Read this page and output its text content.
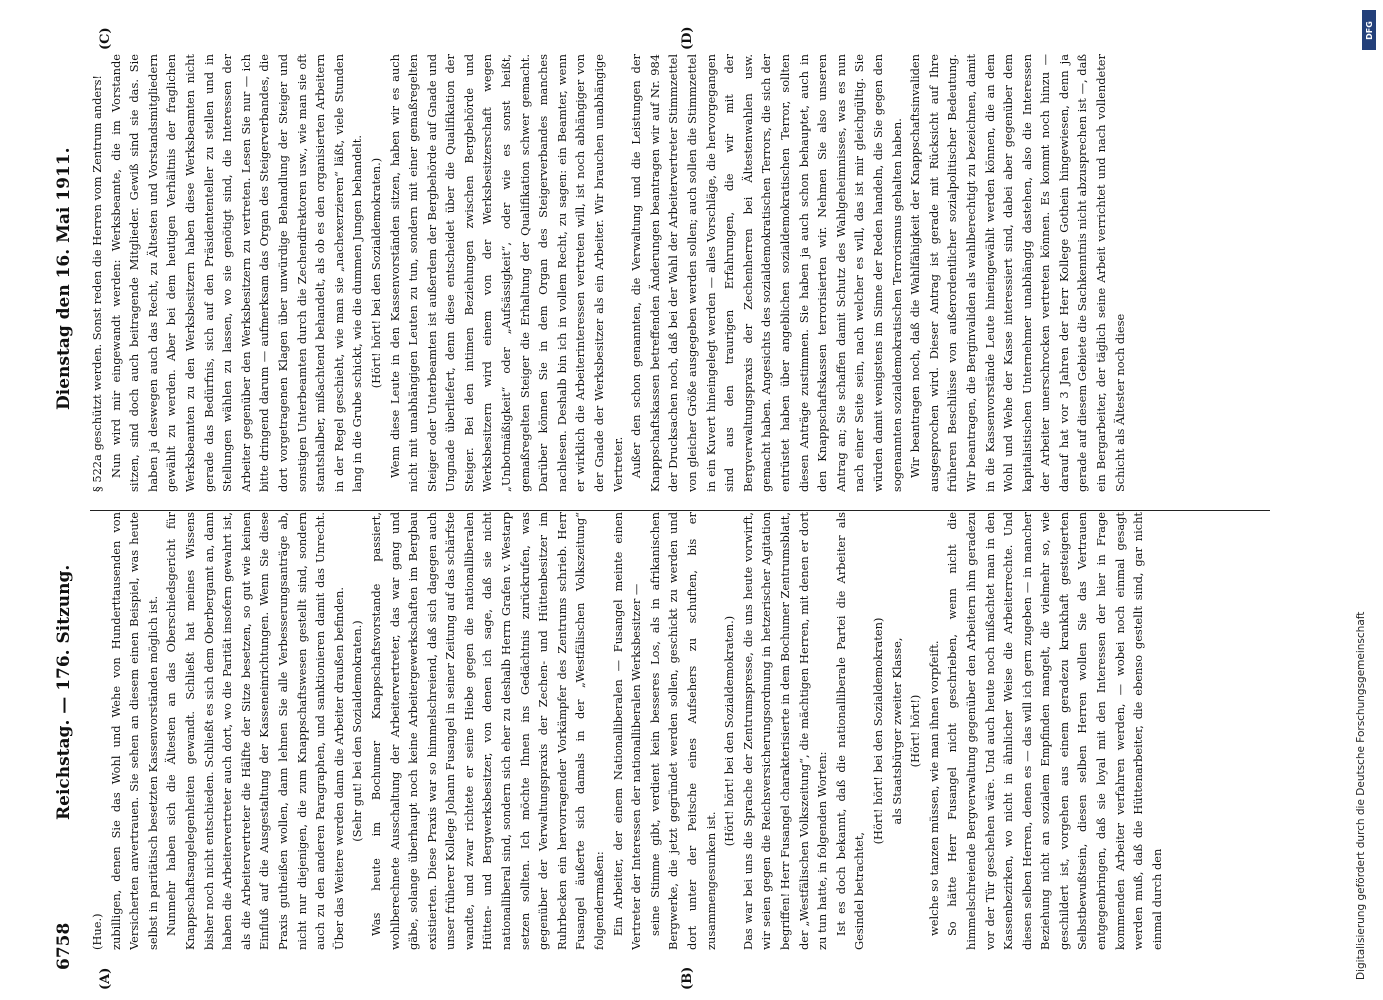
6758
Reichstag. — 176. Sitzung.
Dienstag den 16. Mai 1911.
(A)	(B)
(C)	(D)

(Hue.) zubilligen, denen Sie das Wohl und Wehe von Hunderttausenden von Versicherten anvertrauen. Sie sehen an diesem einen Beispiel, was heute selbst in paritätisch besetzten Kassenvorständen möglich ist. Nunmehr haben sich die Ältesten an das Oberschiedsgericht für Knappschaftsangelegenheiten gewandt. Schließt hat meines Wissens bisher noch nicht entschieden. Schließt es sich dem Oberbergamt an, dann haben die Arbeitervertreter auch dort, wo die Parität insofern gewahrt ist, als die Arbeitervertreter die Hälfte der Sitze besetzen, so gut wie keinen Einfluß auf die Ausgestaltung der Kasseneinrichtungen. Wenn Sie diese Praxis gutheißen wollen, dann lehnen Sie alle Verbesserungsanträge ab, nicht nur diejenigen, die zum Knappschaftswesen gestellt sind, sondern auch zu den anderen Paragraphen, und sanktionieren damit das Unrecht. Über das Weitere werden dann die Arbeiter draußen befinden. (Sehr gut! bei den Sozialdemokraten.) Was heute im Bochumer Knappschaftsvorstande passiert, wohlberechnete Ausschaltung der Arbeitervertreter, das war gang und gäbe, solange überhaupt noch keine Arbeitergewerkschaften im Bergbau existierten. Diese Praxis war so himmelschreiend, daß sich dagegen auch unser früherer Kollege Johann Fusangel in seiner Zeitung auf das schärfste wandte, und zwar richtete er seine Hiebe gegen die nationalliberalen Hütten- und Bergwerksbesitzer, von denen ich sage, daß sie nicht nationalliberal sind, sondern sich eher zu deshalb Herrn Grafen v. Westarp setzen sollten. Ich möchte Ihnen ins Gedächtnis zurückrufen, was gegenüber der Verwaltungspraxis der Zechen- und Hüttenbesitzer im Ruhrbecken ein hervorragender Vorkämpfer des Zentrums schrieb. Herr Fusangel äußerte sich damals in der „Westfälischen Volkszeitung“ folgendermaßen: Ein Arbeiter, der einem Nationalliberalen — Fusangel meinte einen Vertreter der Interessen der nationalliberalen Werksbesitzer — seine Stimme gibt, verdient kein besseres Los, als in afrikanischen Bergwerke, die jetzt gegründet werden sollen, geschickt zu werden und dort unter der Peitsche eines Aufsehers zu schuften, bis er zusammengesunken ist.

(Hört! hört! bei den Sozialdemokraten.) Das war bei uns die Sprache der Zentrumspresse, die uns heute vorwirft, wir seien gegen die Reichsversicherungsordnung in hetzerischer Agitation begriffen! Herr Fusangel charakterisierte in dem Bochumer Zentrumsblatt, der „Westfälischen Volkszeitung“, die mächtigen Herren, mit denen er dort zu tun hatte, in folgenden Worten: Ist es doch bekannt, daß die nationalliberale Partei die Arbeiter als Gesindel betrachtet,

(Hört! hört! bei den Sozialdemokraten) als Staatsbürger zweiter Klasse, (Hört! hört!) welche so tanzen müssen, wie man ihnen vorpfeift. So hätte Herr Fusangel nicht geschrieben, wenn nicht die himmelschreiende Bergverwaltung gegenüber den Arbeitern ihm geradezu vor der Tür geschehen wäre. Und auch heute noch mißachtet man in den Kassenbezirken, wo nicht in ähnlicher Weise die Arbeiterrechte. Und diesen selben Herren, denen es — das will ich gern zugeben — in mancher Beziehung nicht an sozialem Empfinden mangelt, die vielmehr so, wie geschildert ist, vorgehen aus einem geradezu krankhaft gesteigerten Selbstbewußtsein, diesen selben Herren wollen Sie das Vertrauen entgegenbringen, daß sie loyal mit den Interessen der hier in Frage kommenden Arbeiter verfahren werden, — wobei noch einmal gesagt werden muß, daß die Hüttenarbeiter, die ebenso gestellt sind, gar nicht einmal durch den

§ 522a geschützt werden. Sonst reden die Herren vom Zentrum anders! Nun wird mir eingewandt werden: Werksbeamte, die im Vorstande sitzen, sind doch auch beitragende Mitglieder. Gewiß sind sie das. Sie haben ja deswegen auch das Recht, zu Ältesten und Vorstandsmitgliedern gewählt zu werden. Aber bei dem heutigen Verhältnis der fraglichen Werksbeamten zu den Werksbesitzern haben diese Werksbeamten nicht gerade das Bedürfnis, sich auf den Präsidententeller zu stellen und in Stellungen wählen zu lassen, wo sie genötigt sind, die Interessen der Arbeiter gegenüber den Werksbesitzern zu vertreten. Lesen Sie nur — ich bitte dringend darum — aufmerksam das Organ des Steigerverbandes, die dort vorgetragenen Klagen über unwürdige Behandlung der Steiger und sonstigen Unterbeamten durch die Zechendirektoren usw., wie man sie oft stantshalber, mißachtend behandelt, als ob es den organisierten Arbeitern in der Regel geschieht, wie man sie „nachexerzieren“ läßt, viele Stunden lang in die Grube schickt, wie die dummen Jungen behandelt. (Hört! hört! bei den Sozialdemokraten.) Wenn diese Leute in den Kassenvorständen sitzen, haben wir es auch nicht mit unabhängigen Leuten zu tun, sondern mit einer gemaßregelten Steiger oder Unterbeamten ist außerdem der Bergbehörde auf Gnade und Ungnade überliefert, denn diese entscheidet über die Qualifikation der Steiger. Bei den intimen Beziehungen zwischen Bergbehörde und Werksbesitzern wird einem von der Werksbesitzerschaft wegen „Unbotmäßigkeit“ oder „Aufsässigkeit“, oder wie es sonst heißt, gemaßregelten Steiger die Erhaltung der Qualifikation schwer gemacht. Darüber können Sie in dem Organ des Steigerverbandes manches nachlesen. Deshalb bin ich in vollem Recht, zu sagen: ein Beamter, wenn er wirklich die Arbeiterinteressen vertreten will, ist noch abhängiger von der Gnade der Werksbesitzer als ein Arbeiter. Wir brauchen unabhängige Vertreter. Außer den schon genannten, die Verwaltung und die Leistungen der Knappschaftskassen betreffenden Änderungen beantragen wir auf Nr. 984 der Drucksachen noch, daß bei der Wahl der Arbeitervertreter Stimmzettel von gleicher Größe ausgegeben werden sollen; auch sollen die Stimmzettel in ein Kuvert hineingelegt werden — alles Vorschläge, die hervorgegangen sind aus den traurigen Erfahrungen, die wir mit der Bergverwaltungspraxis der Zechenherren bei Ältestenwahlen usw. gemacht haben. Angesichts des sozialdemokratischen Terrors, die sich der entrüstet haben über angeblichen sozialdemokratischen Terror, sollten diesen Anträge zustimmen. Sie haben ja auch schon behauptet, auch in den Knappschaftskassen terrorisierten wir. Nehmen Sie also unseren Antrag an; Sie schaffen damit Schutz des Wahlgeheimnisses, was es nun nach einer Seite sein, nach welcher es will, das ist mir gleichgültig. Sie würden damit wenigstens im Sinne der Reden handeln, die Sie gegen den sogenannten sozialdemokratischen Terrorismus gehalten haben. Wir beantragen noch, daß die Wahlfähigkeit der Knappschaftsinvaliden ausgesprochen wird. Dieser Antrag ist gerade mit Rücksicht auf Ihre früheren Beschlüsse von außerordentlicher sozialpolitischer Bedeutung. Wir beantragen, die Berginvaliden als wahlberechtigt zu bezeichnen, damit in die Kassenvorstände Leute hineingewählt werden können, die an dem Wohl und Wehe der Kasse interessiert sind, dabei aber gegenüber dem kapitalistischen Unternehmer unabhängig dastehen, also die Interessen der Arbeiter unerschrocken vertreten können. Es kommt noch hinzu — darauf hat vor 3 Jahren der Herr Kollege Gothein hingewiesen, denn ja gerade auf diesem Gebiete die Sachkenntnis nicht abzusprechen ist —, daß ein Bergarbeiter, der täglich seine Arbeit verrichtet und nach vollendeter Schicht als Ältester noch diese

Digitalisierung gefördert durch die Deutsche Forschungsgemeinschaft
DFG
